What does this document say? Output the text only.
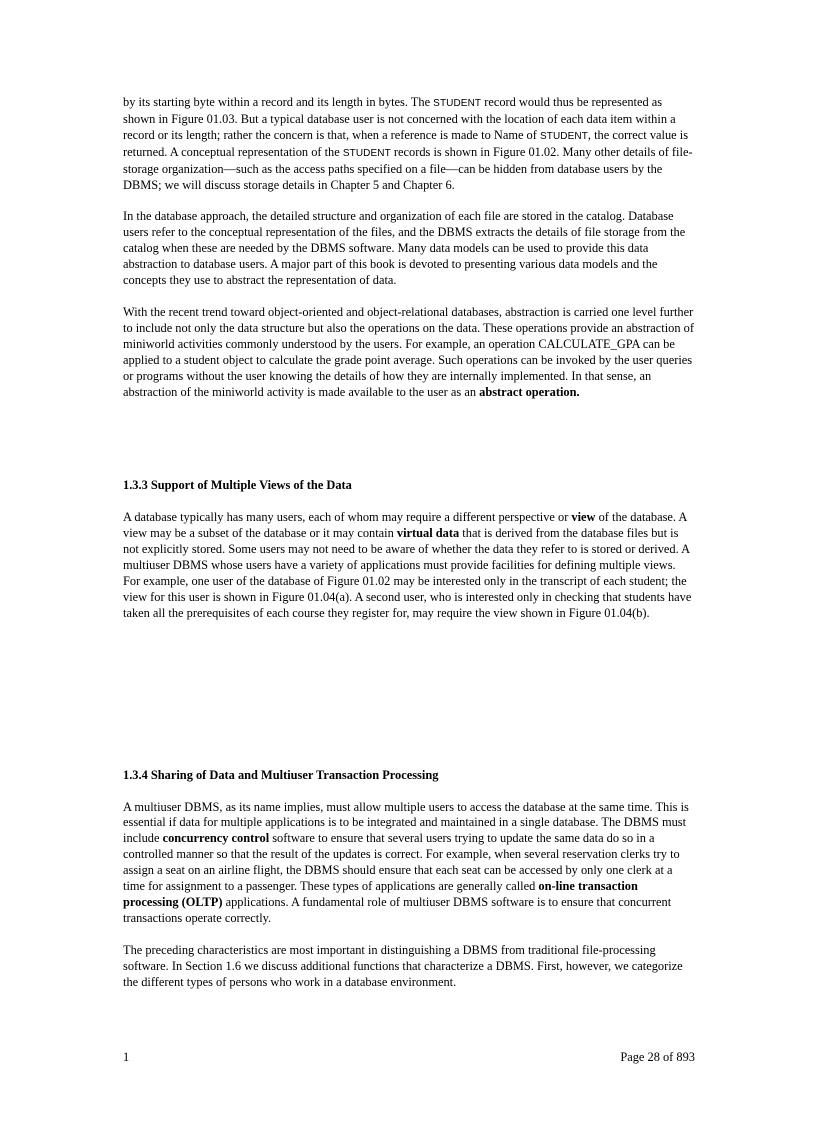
by its starting byte within a record and its length in bytes. The STUDENT record would thus be represented as shown in Figure 01.03. But a typical database user is not concerned with the location of each data item within a record or its length; rather the concern is that, when a reference is made to Name of STUDENT, the correct value is returned. A conceptual representation of the STUDENT records is shown in Figure 01.02. Many other details of file-storage organization—such as the access paths specified on a file—can be hidden from database users by the DBMS; we will discuss storage details in Chapter 5 and Chapter 6.

In the database approach, the detailed structure and organization of each file are stored in the catalog. Database users refer to the conceptual representation of the files, and the DBMS extracts the details of file storage from the catalog when these are needed by the DBMS software. Many data models can be used to provide this data abstraction to database users. A major part of this book is devoted to presenting various data models and the concepts they use to abstract the representation of data.

With the recent trend toward object-oriented and object-relational databases, abstraction is carried one level further to include not only the data structure but also the operations on the data. These operations provide an abstraction of miniworld activities commonly understood by the users. For example, an operation CALCULATE_GPA can be applied to a student object to calculate the grade point average. Such operations can be invoked by the user queries or programs without the user knowing the details of how they are internally implemented. In that sense, an abstraction of the miniworld activity is made available to the user as an abstract operation.

1.3.3 Support of Multiple Views of the Data

A database typically has many users, each of whom may require a different perspective or view of the database. A view may be a subset of the database or it may contain virtual data that is derived from the database files but is not explicitly stored. Some users may not need to be aware of whether the data they refer to is stored or derived. A multiuser DBMS whose users have a variety of applications must provide facilities for defining multiple views. For example, one user of the database of Figure 01.02 may be interested only in the transcript of each student; the view for this user is shown in Figure 01.04(a). A second user, who is interested only in checking that students have taken all the prerequisites of each course they register for, may require the view shown in Figure 01.04(b).

1.3.4 Sharing of Data and Multiuser Transaction Processing

A multiuser DBMS, as its name implies, must allow multiple users to access the database at the same time. This is essential if data for multiple applications is to be integrated and maintained in a single database. The DBMS must include concurrency control software to ensure that several users trying to update the same data do so in a controlled manner so that the result of the updates is correct. For example, when several reservation clerks try to assign a seat on an airline flight, the DBMS should ensure that each seat can be accessed by only one clerk at a time for assignment to a passenger. These types of applications are generally called on-line transaction processing (OLTP) applications. A fundamental role of multiuser DBMS software is to ensure that concurrent transactions operate correctly.

The preceding characteristics are most important in distinguishing a DBMS from traditional file-processing software. In Section 1.6 we discuss additional functions that characterize a DBMS. First, however, we categorize the different types of persons who work in a database environment.

1	Page 28 of 893
